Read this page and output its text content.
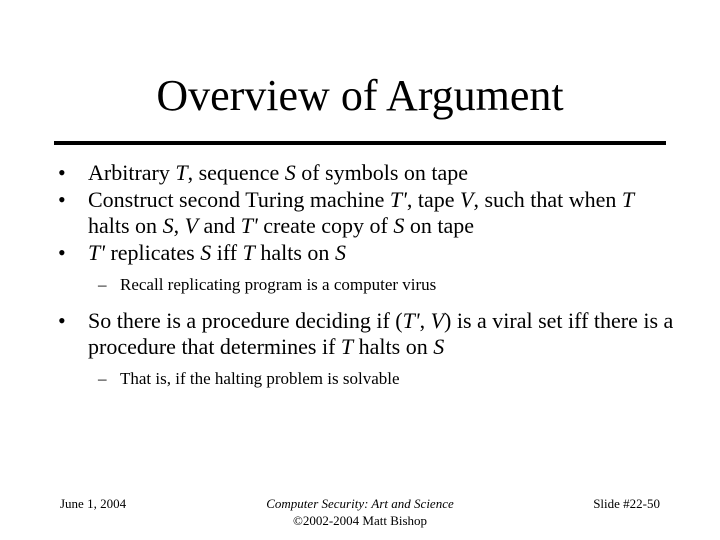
Overview of Argument
• Arbitrary T, sequence S of symbols on tape
• Construct second Turing machine T', tape V, such that when T halts on S, V and T' create copy of S on tape
• T' replicates S iff T halts on S
– Recall replicating program is a computer virus
• So there is a procedure deciding if (T', V) is a viral set iff there is a procedure that determines if T halts on S
– That is, if the halting problem is solvable
June 1, 2004	Computer Security: Art and Science
©2002-2004 Matt Bishop
Slide #22-50
